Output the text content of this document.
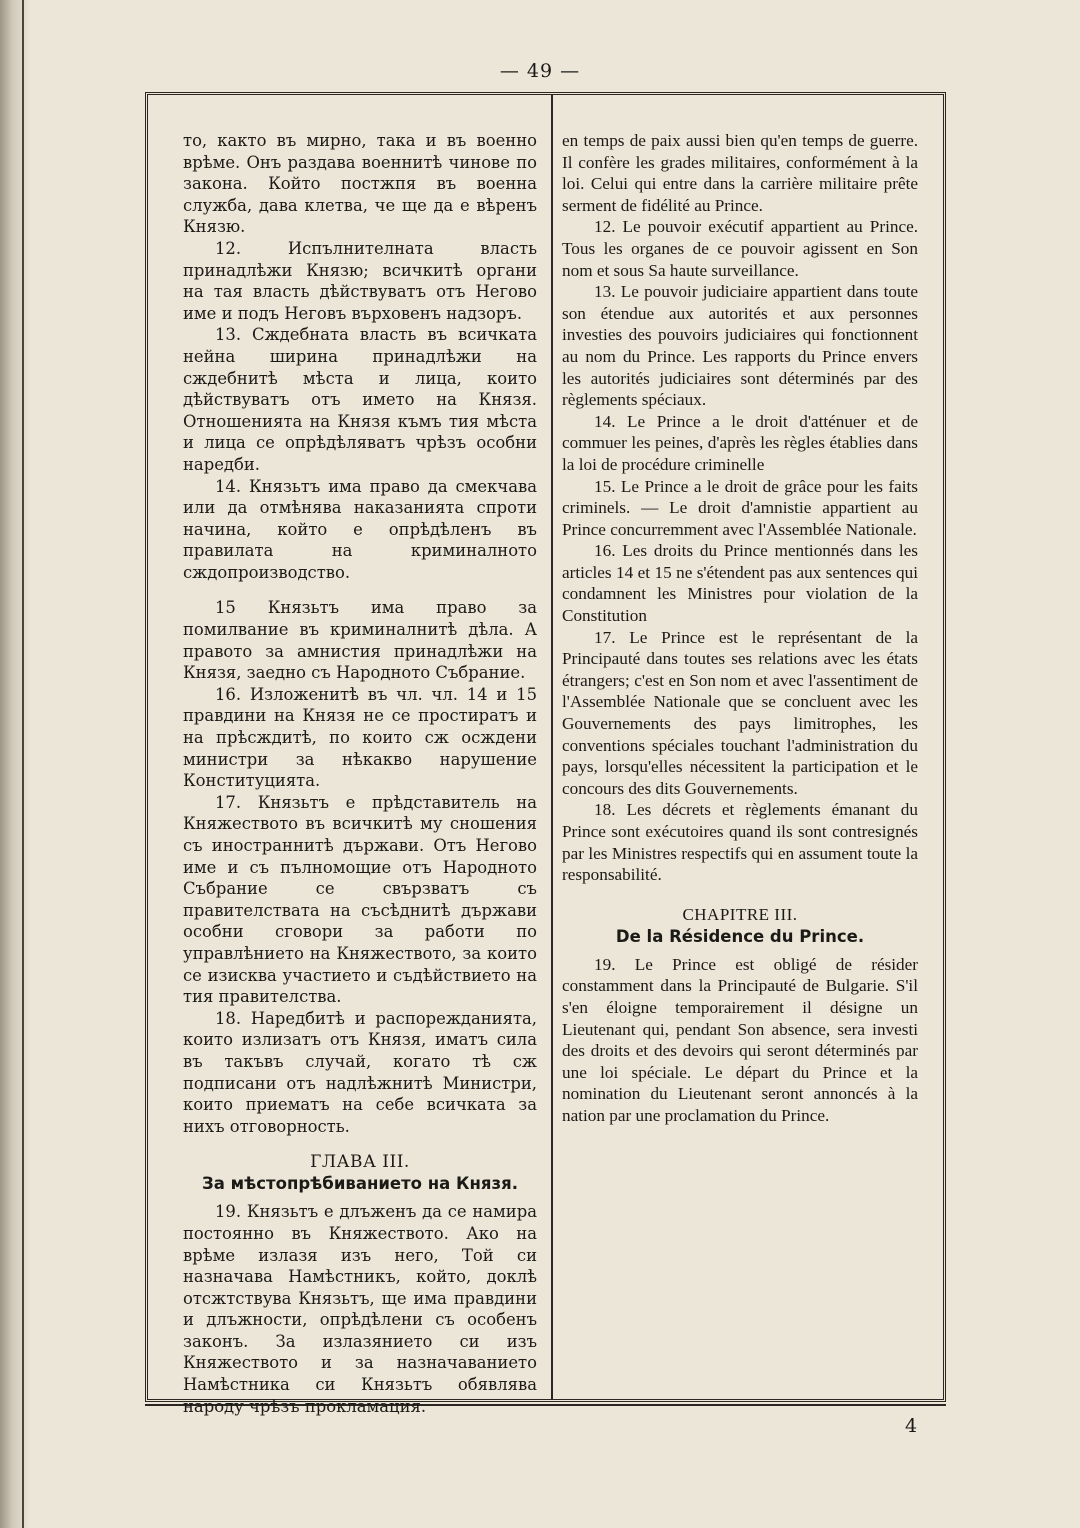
— 49 —

то, както въ мирно, така и въ военно врѣме. Онъ раздава военнитѣ чинове по закона. Който постжпя въ военна служба, дава клетва, че ще да е вѣренъ Князю.

12. Испълнителната власть принадлѣжи Князю; всичкитѣ органи на тая власть дѣйствуватъ отъ Негово име и подъ Неговъ върховенъ надзоръ.

13. Сждебната власть въ всичката нейна ширина принадлѣжи на сждебнитѣ мѣста и лица, които дѣйствуватъ отъ името на Князя. Отношенията на Князя къмъ тия мѣста и лица се опрѣдѣляватъ чрѣзъ особни наредби.

14. Князьтъ има право да смекчава или да отмѣнява наказанията спроти начина, който е опрѣдѣленъ въ правилата на криминалното сждопроизводство.

15 Князьтъ има право за помилвание въ криминалнитѣ дѣла. А правото за амнистия принадлѣжи на Князя, заедно съ Народното Събрание.

16. Изложенитѣ въ чл. чл. 14 и 15 правдини на Князя не се простиратъ и на прѣсждитѣ, по които сж осждени министри за нѣкакво нарушение Конституцията.

17. Князьтъ е прѣдставитель на Княжеството въ всичкитѣ му сношения съ иностраннитѣ държави. Отъ Негово име и съ пълномощие отъ Народното Събрание се свързватъ съ правителствата на съсѣднитѣ държави особни сговори за работи по управлѣнието на Княжеството, за които се изисква участието и съдѣйствието на тия правителства.

18. Наредбитѣ и распорежданията, които излизатъ отъ Князя, иматъ сила въ такъвъ случай, когато тѣ сж подписани отъ надлѣжнитѣ Министри, които приематъ на себе всичката за нихъ отговорность.

ГЛАВА III.
За мѣстопрѣбиванието на Князя.

19. Князьтъ е длъженъ да се намира постоянно въ Княжеството. Ако на врѣме излазя изъ него, Той си назначава Намѣстникъ, който, доклѣ отсжтствува Князьтъ, ще има правдини и длъжности, опрѣдѣлени съ особенъ законъ. За излазянието си изъ Княжеството и за назначаванието Намѣстника си Князьтъ обявлява народу чрѣзъ прокламация.

en temps de paix aussi bien qu'en temps de guerre. Il confère les grades militaires, conformément à la loi. Celui qui entre dans la carrière militaire prête serment de fidélité au Prince.

12. Le pouvoir exécutif appartient au Prince. Tous les organes de ce pouvoir agissent en Son nom et sous Sa haute surveillance.

13. Le pouvoir judiciaire appartient dans toute son étendue aux autorités et aux personnes investies des pouvoirs judiciaires qui fonctionnent au nom du Prince. Les rapports du Prince envers les autorités judiciaires sont déterminés par des règlements spéciaux.

14. Le Prince a le droit d'atténuer et de commuer les peines, d'après les règles établies dans la loi de procédure criminelle

15. Le Prince a le droit de grâce pour les faits criminels. — Le droit d'amnistie appartient au Prince concurremment avec l'Assemblée Nationale.

16. Les droits du Prince mentionnés dans les articles 14 et 15 ne s'étendent pas aux sentences qui condamnent les Ministres pour violation de la Constitution

17. Le Prince est le représentant de la Principauté dans toutes ses relations avec les états étrangers; c'est en Son nom et avec l'assentiment de l'Assemblée Nationale que se concluent avec les Gouvernements des pays limitrophes, les conventions spéciales touchant l'administration du pays, lorsqu'elles nécessitent la participation et le concours des dits Gouvernements.

18. Les décrets et règlements émanant du Prince sont exécutoires quand ils sont contresignés par les Ministres respectifs qui en assument toute la responsabilité.

CHAPITRE III.
De la Résidence du Prince.

19. Le Prince est obligé de résider constamment dans la Principauté de Bulgarie. S'il s'en éloigne temporairement il désigne un Lieutenant qui, pendant Son absence, sera investi des droits et des devoirs qui seront déterminés par une loi spéciale. Le départ du Prince et la nomination du Lieutenant seront annoncés à la nation par une proclamation du Prince.

4
